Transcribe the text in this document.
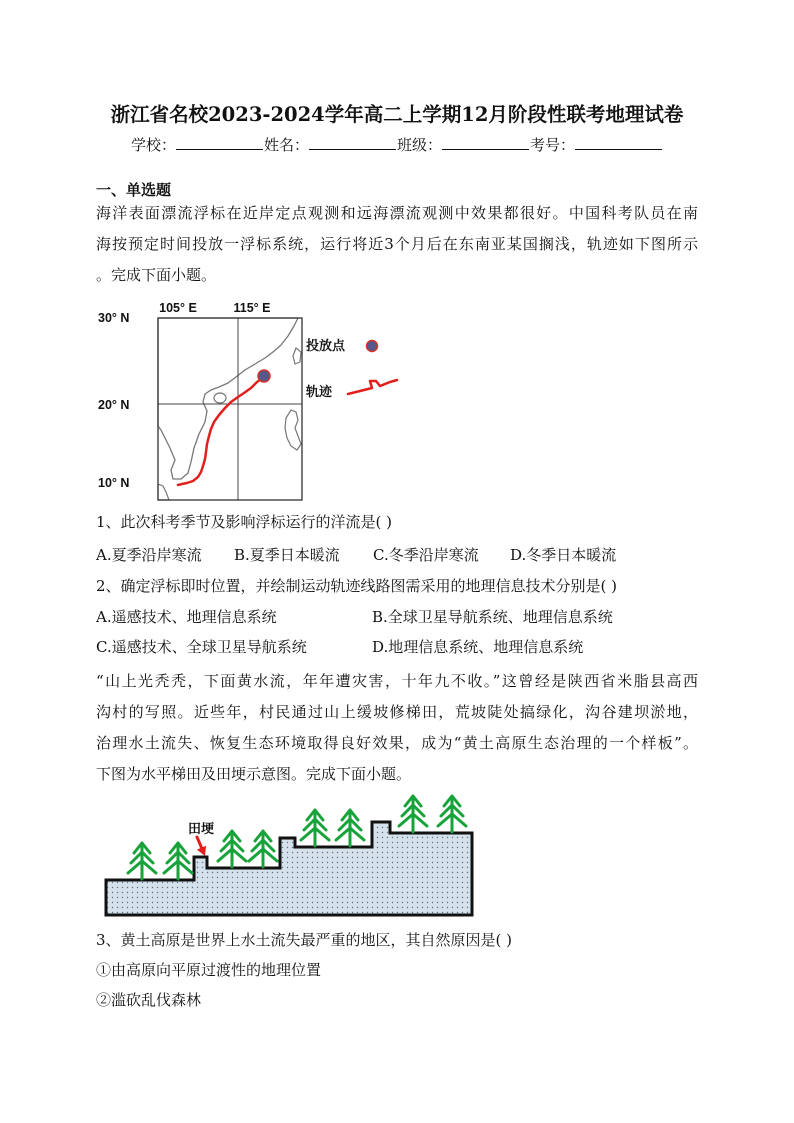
浙江省名校2023-2024学年高二上学期12月阶段性联考地理试卷
学校：	姓名：	班级：	考号：
一、单选题
海洋表面漂流浮标在近岸定点观测和远海漂流观测中效果都很好。中国科考队员在南
海按预定时间投放一浮标系统，运行将近3个月后在东南亚某国搁浅，轨迹如下图所示
。完成下面小题。
105° E	115° E
30° N
20° N
10° N
投放点
轨迹
1、此次科考季节及影响浮标运行的洋流是( )
A.夏季沿岸寒流	B.夏季日本暖流	C.冬季沿岸寒流	D.冬季日本暖流
2、确定浮标即时位置，并绘制运动轨迹线路图需采用的地理信息技术分别是( )
A.遥感技术、地理信息系统	B.全球卫星导航系统、地理信息系统
C.遥感技术、全球卫星导航系统	D.地理信息系统、地理信息系统
“山上光秃秃，下面黄水流，年年遭灾害，十年九不收。”这曾经是陕西省米脂县高西
沟村的写照。近些年，村民通过山上缓坡修梯田，荒坡陡处搞绿化，沟谷建坝淤地，
治理水土流失、恢复生态环境取得良好效果，成为“黄土高原生态治理的一个样板”。
下图为水平梯田及田埂示意图。完成下面小题。
田埂
3、黄土高原是世界上水土流失最严重的地区，其自然原因是( )
①由高原向平原过渡性的地理位置
②滥砍乱伐森林
